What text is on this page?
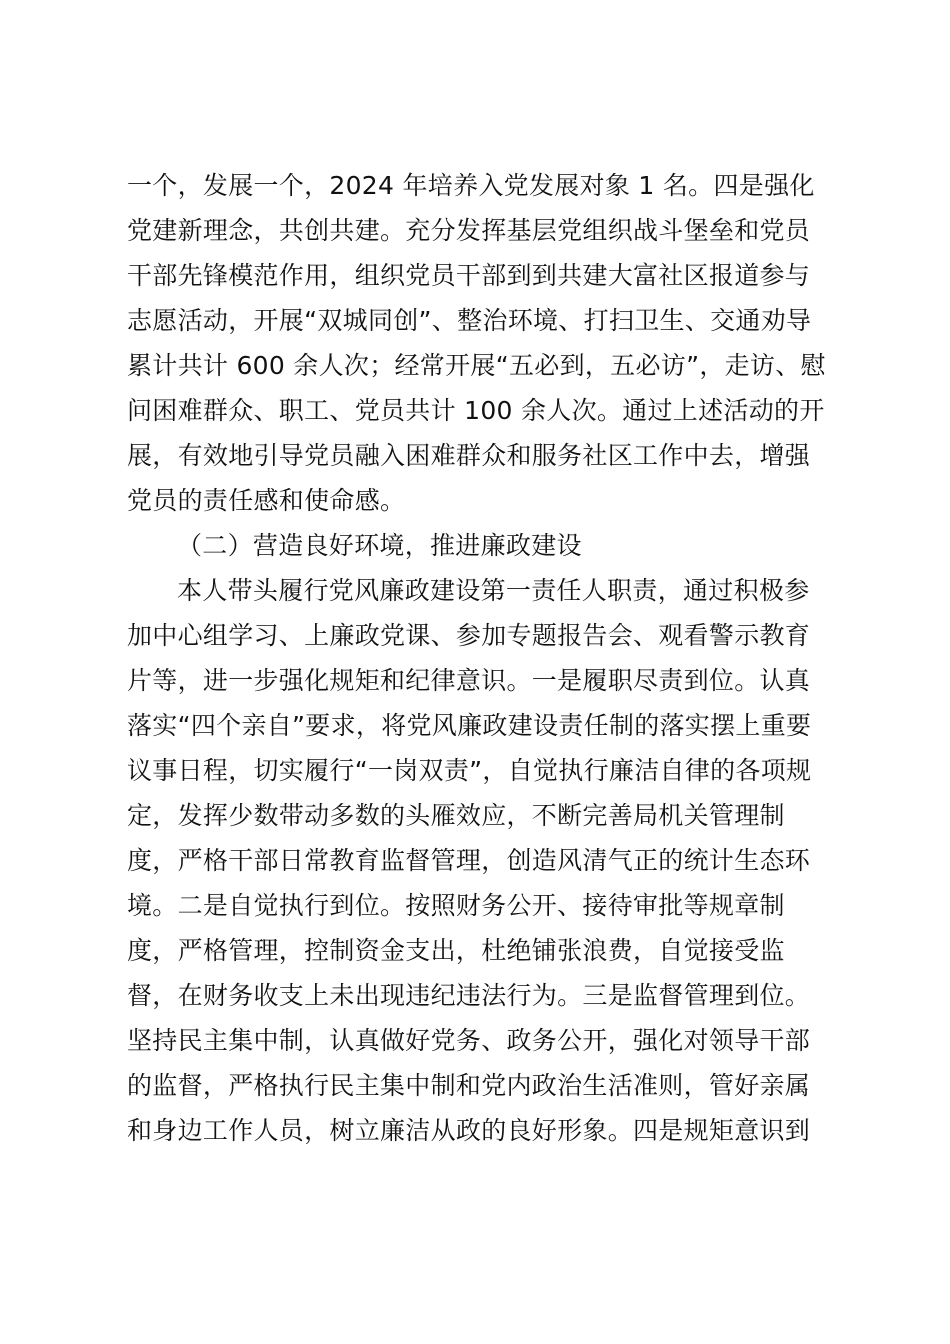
一个，发展一个，2024 年培养入党发展对象 1 名。四是强化
党建新理念，共创共建。充分发挥基层党组织战斗堡垒和党员
干部先锋模范作用，组织党员干部到到共建大富社区报道参与
志愿活动，开展“双城同创”、整治环境、打扫卫生、交通劝导
累计共计 600 余人次；经常开展“五必到，五必访”，走访、慰
问困难群众、职工、党员共计 100 余人次。通过上述活动的开
展，有效地引导党员融入困难群众和服务社区工作中去，增强
党员的责任感和使命感。
（二）营造良好环境，推进廉政建设
本人带头履行党风廉政建设第一责任人职责，通过积极参
加中心组学习、上廉政党课、参加专题报告会、观看警示教育
片等，进一步强化规矩和纪律意识。一是履职尽责到位。认真
落实“四个亲自”要求，将党风廉政建设责任制的落实摆上重要
议事日程，切实履行“一岗双责”，自觉执行廉洁自律的各项规
定，发挥少数带动多数的头雁效应，不断完善局机关管理制
度，严格干部日常教育监督管理，创造风清气正的统计生态环
境。二是自觉执行到位。按照财务公开、接待审批等规章制
度，严格管理，控制资金支出，杜绝铺张浪费，自觉接受监
督，在财务收支上未出现违纪违法行为。三是监督管理到位。
坚持民主集中制，认真做好党务、政务公开，强化对领导干部
的监督，严格执行民主集中制和党内政治生活准则，管好亲属
和身边工作人员，树立廉洁从政的良好形象。四是规矩意识到
